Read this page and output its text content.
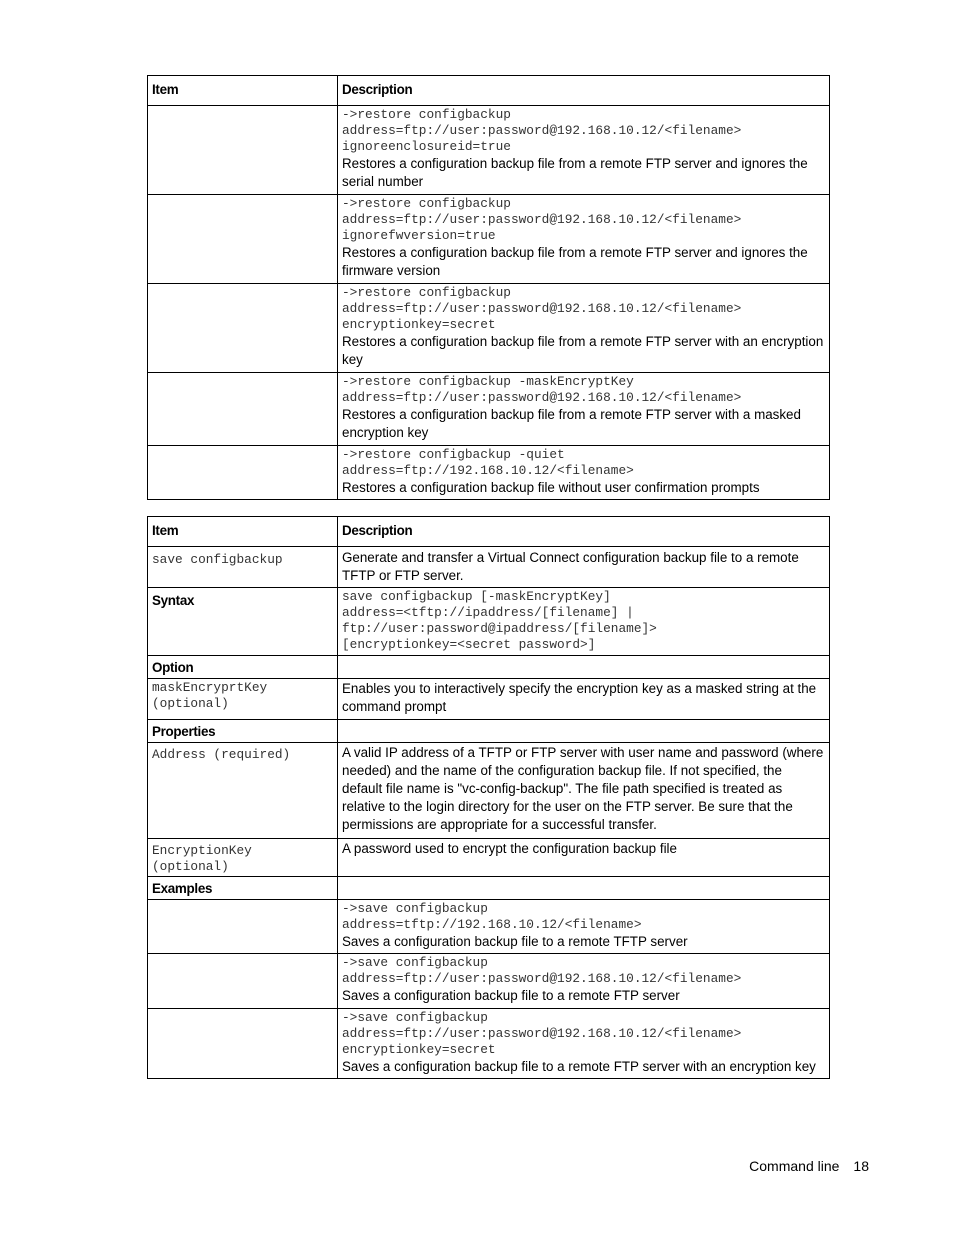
Item	Description

	->restore configbackup
address=ftp://user:password@192.168.10.12/<filename>
ignoreenclosureid=true
Restores a configuration backup file from a remote FTP server and ignores the serial number

	->restore configbackup
address=ftp://user:password@192.168.10.12/<filename>
ignorefwversion=true
Restores a configuration backup file from a remote FTP server and ignores the firmware version

	->restore configbackup
address=ftp://user:password@192.168.10.12/<filename>
encryptionkey=secret
Restores a configuration backup file from a remote FTP server with an encryption key

	->restore configbackup -maskEncryptKey
address=ftp://user:password@192.168.10.12/<filename>
Restores a configuration backup file from a remote FTP server with a masked encryption key

	->restore configbackup -quiet
address=ftp://192.168.10.12/<filename>
Restores a configuration backup file without user confirmation prompts
Item	Description

save configbackup	Generate and transfer a Virtual Connect configuration backup file to a remote TFTP or FTP server.

Syntax	save configbackup [-maskEncryptKey]
address=<tftp://ipaddress/[filename] |
ftp://user:password@ipaddress/[filename]>
[encryptionkey=<secret password>]

Option	

maskEncryprtKey
(optional)	Enables you to interactively specify the encryption key as a masked string at the command prompt

Properties	

Address (required)	A valid IP address of a TFTP or FTP server with user name and password (where needed) and the name of the configuration backup file. If not specified, the default file name is "vc-config-backup". The file path specified is treated as relative to the login directory for the user on the FTP server. Be sure that the permissions are appropriate for a successful transfer.

EncryptionKey
(optional)	A password used to encrypt the configuration backup file

Examples	

	->save configbackup
address=tftp://192.168.10.12/<filename>
Saves a configuration backup file to a remote TFTP server

	->save configbackup
address=ftp://user:password@192.168.10.12/<filename>
Saves a configuration backup file to a remote FTP server

	->save configbackup
address=ftp://user:password@192.168.10.12/<filename>
encryptionkey=secret
Saves a configuration backup file to a remote FTP server with an encryption key
Command line 18
